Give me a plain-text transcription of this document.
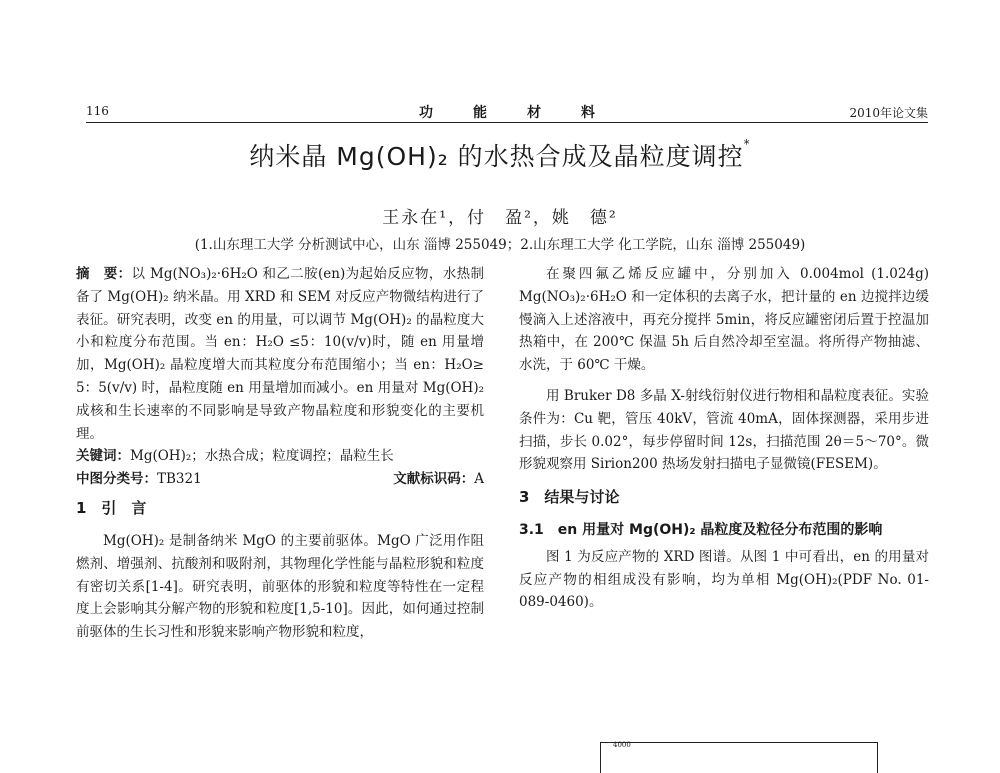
116	功能材料	2010年论文集
纳米晶 Mg(OH)₂ 的水热合成及晶粒度调控*
王永在¹，付　盈²，姚　德²
(1.山东理工大学 分析测试中心，山东 淄博 255049；2.山东理工大学 化工学院，山东 淄博 255049)

摘　要：以 Mg(NO₃)₂·6H₂O 和乙二胺(en)为起始反应物，水热制备了 Mg(OH)₂ 纳米晶。用 XRD 和 SEM 对反应产物微结构进行了表征。研究表明，改变 en 的用量，可以调节 Mg(OH)₂ 的晶粒度大小和粒度分布范围。当 en：H₂O ≤5：10(v/v)时，随 en 用量增加，Mg(OH)₂ 晶粒度增大而其粒度分布范围缩小；当 en：H₂O≥ 5：5(v/v) 时，晶粒度随 en 用量增加而减小。en 用量对 Mg(OH)₂ 成核和生长速率的不同影响是导致产物晶粒度和形貌变化的主要机理。

关键词：Mg(OH)₂；水热合成；粒度调控；晶粒生长

中图分类号：TB321	文献标识码：A
1　引　言

Mg(OH)₂ 是制备纳米 MgO 的主要前驱体。MgO 广泛用作阻燃剂、增强剂、抗酸剂和吸附剂，其物理化学性能与晶粒形貌和粒度有密切关系[1-4]。研究表明，前驱体的形貌和粒度等特性在一定程度上会影响其分解产物的形貌和粒度[1,5-10]。因此，如何通过控制前驱体的生长习性和形貌来影响产物形貌和粒度，

在聚四氟乙烯反应罐中，分别加入 0.004mol (1.024g) Mg(NO₃)₂·6H₂O 和一定体积的去离子水，把计量的 en 边搅拌边缓慢滴入上述溶液中，再充分搅拌 5min，将反应罐密闭后置于控温加热箱中，在 200℃ 保温 5h 后自然冷却至室温。将所得产物抽滤、水洗，于 60℃ 干燥。

用 Bruker D8 多晶 X-射线衍射仪进行物相和晶粒度表征。实验条件为：Cu 靶，管压 40kV，管流 40mA，固体探测器，采用步进扫描，步长 0.02°，每步停留时间 12s，扫描范围 2θ＝5～70°。微形貌观察用 Sirion200 热场发射扫描电子显微镜(FESEM)。

3　结果与讨论

3.1　en 用量对 Mg(OH)₂ 晶粒度及粒径分布范围的影响

图 1 为反应产物的 XRD 图谱。从图 1 中可看出，en 的用量对反应产物的相组成没有影响，均为单相 Mg(OH)₂(PDF No. 01-089-0460)。

4000
